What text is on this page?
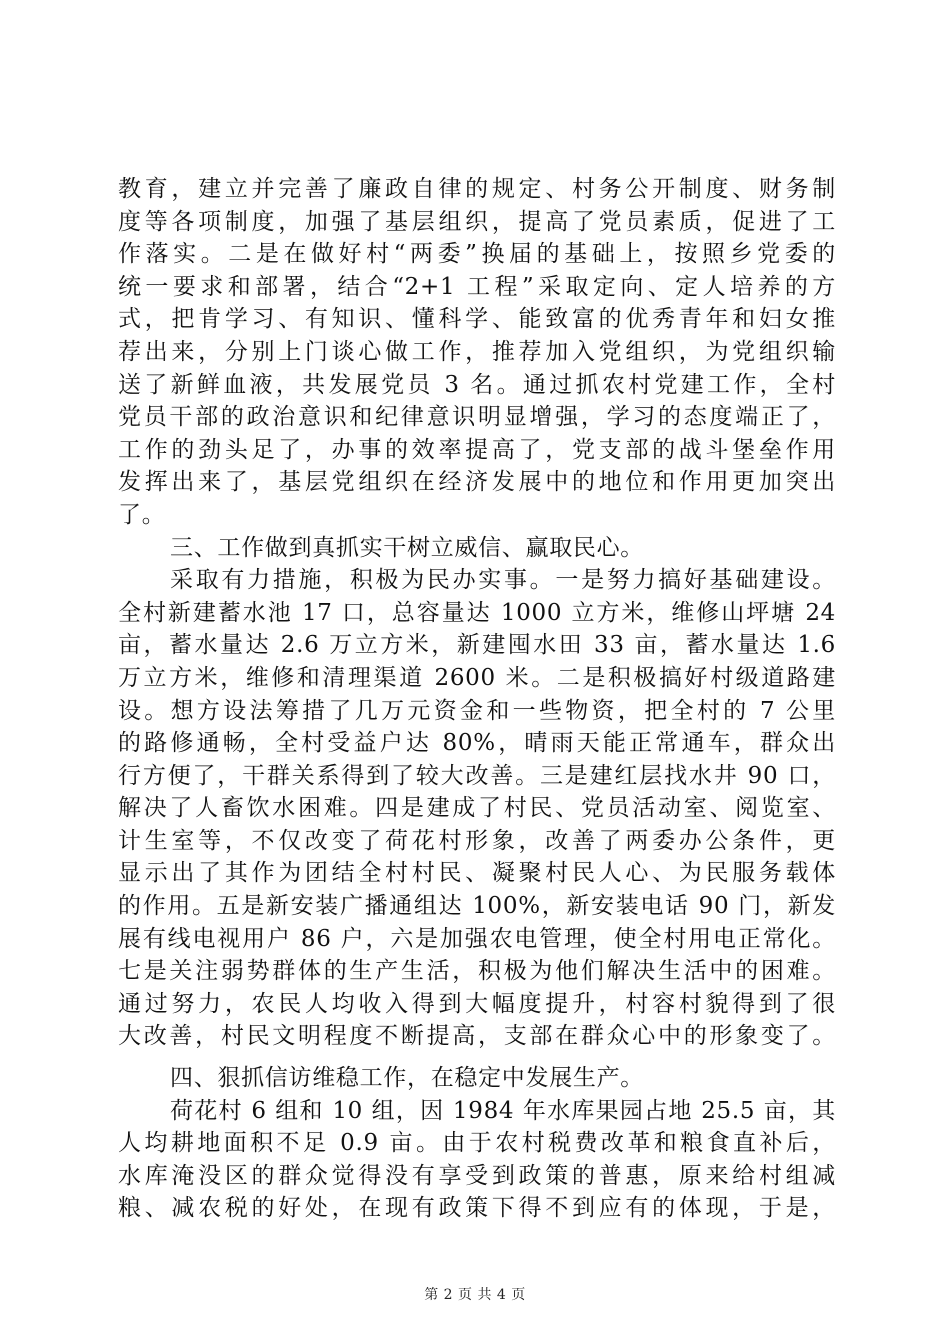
教育，建立并完善了廉政自律的规定、村务公开制度、财务制
度等各项制度，加强了基层组织，提高了党员素质，促进了工
作落实。二是在做好村“两委”换届的基础上，按照乡党委的
统一要求和部署，结合“2+1 工程”采取定向、定人培养的方
式，把肯学习、有知识、懂科学、能致富的优秀青年和妇女推
荐出来，分别上门谈心做工作，推荐加入党组织，为党组织输
送了新鲜血液，共发展党员 3 名。通过抓农村党建工作，全村
党员干部的政治意识和纪律意识明显增强，学习的态度端正了，
工作的劲头足了，办事的效率提高了，党支部的战斗堡垒作用
发挥出来了，基层党组织在经济发展中的地位和作用更加突出
了。
三、工作做到真抓实干树立威信、赢取民心。
采取有力措施，积极为民办实事。一是努力搞好基础建设。
全村新建蓄水池 17 口，总容量达 1000 立方米，维修山坪塘 24
亩，蓄水量达 2.6 万立方米，新建囤水田 33 亩，蓄水量达 1.6
万立方米，维修和清理渠道 2600 米。二是积极搞好村级道路建
设。想方设法筹措了几万元资金和一些物资，把全村的 7 公里
的路修通畅，全村受益户达 80%，晴雨天能正常通车，群众出
行方便了，干群关系得到了较大改善。三是建红层找水井 90 口，
解决了人畜饮水困难。四是建成了村民、党员活动室、阅览室、
计生室等，不仅改变了荷花村形象，改善了两委办公条件，更
显示出了其作为团结全村村民、凝聚村民人心、为民服务载体
的作用。五是新安装广播通组达 100%，新安装电话 90 门，新发
展有线电视用户 86 户，六是加强农电管理，使全村用电正常化。
七是关注弱势群体的生产生活，积极为他们解决生活中的困难。
通过努力，农民人均收入得到大幅度提升，村容村貌得到了很
大改善，村民文明程度不断提高，支部在群众心中的形象变了。
四、狠抓信访维稳工作，在稳定中发展生产。
荷花村 6 组和 10 组，因 1984 年水库果园占地 25.5 亩，其
人均耕地面积不足 0.9 亩。由于农村税费改革和粮食直补后，
水库淹没区的群众觉得没有享受到政策的普惠，原来给村组减
粮、减农税的好处，在现有政策下得不到应有的体现，于是，
第 2 页 共 4 页
